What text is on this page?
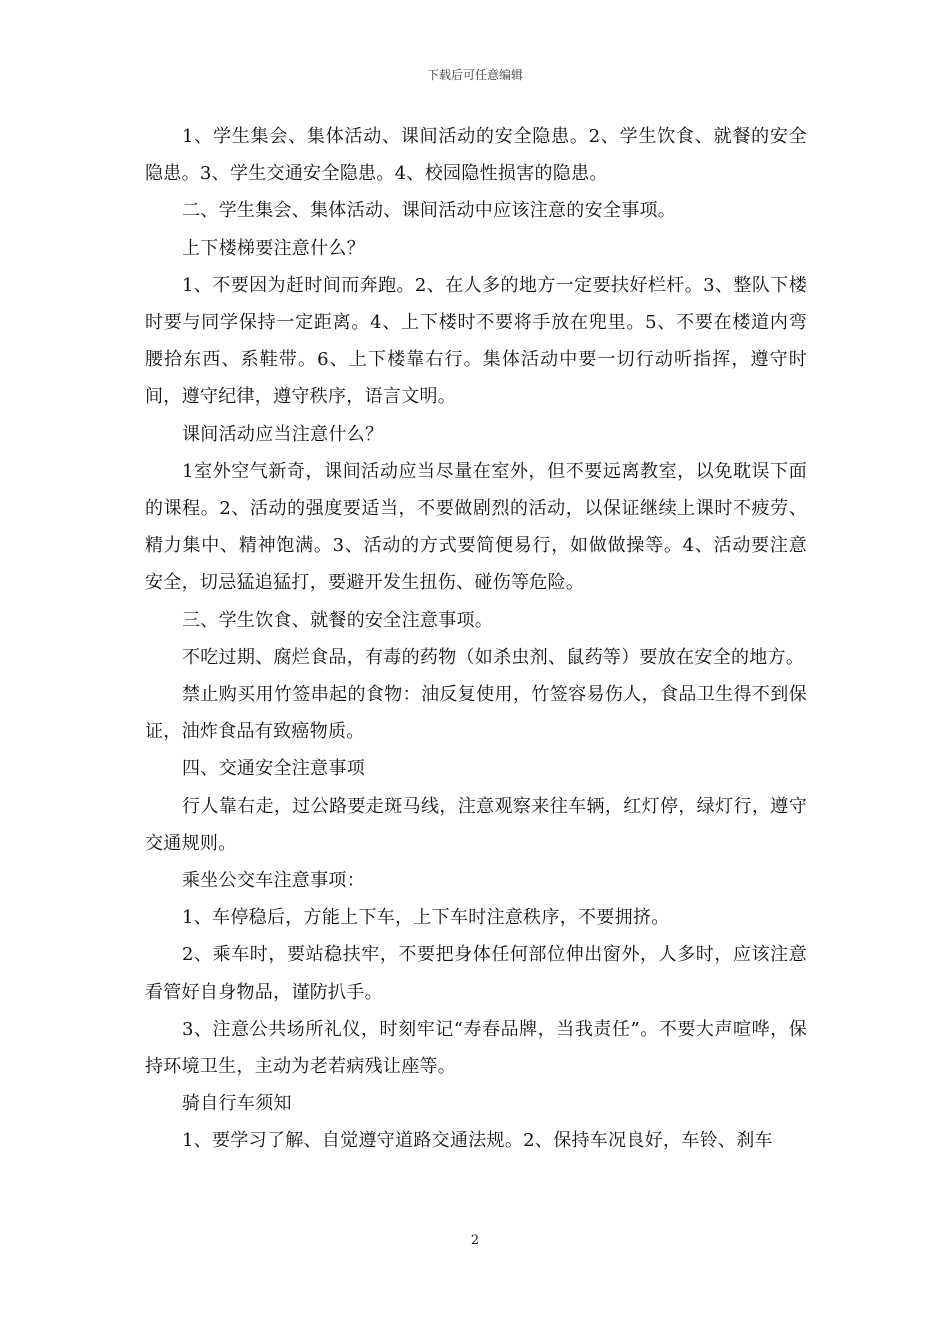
下载后可任意编辑

1、学生集会、集体活动、课间活动的安全隐患。2、学生饮食、就餐的安全隐患。3、学生交通安全隐患。4、校园隐性损害的隐患。

二、学生集会、集体活动、课间活动中应该注意的安全事项。

上下楼梯要注意什么？

1、不要因为赶时间而奔跑。2、在人多的地方一定要扶好栏杆。3、整队下楼时要与同学保持一定距离。4、上下楼时不要将手放在兜里。5、不要在楼道内弯腰拾东西、系鞋带。6、上下楼靠右行。集体活动中要一切行动听指挥，遵守时间，遵守纪律，遵守秩序，语言文明。

课间活动应当注意什么？

1室外空气新奇，课间活动应当尽量在室外，但不要远离教室，以免耽误下面的课程。2、活动的强度要适当，不要做剧烈的活动，以保证继续上课时不疲劳、精力集中、精神饱满。3、活动的方式要简便易行，如做做操等。4、活动要注意安全，切忌猛追猛打，要避开发生扭伤、碰伤等危险。

三、学生饮食、就餐的安全注意事项。

不吃过期、腐烂食品，有毒的药物（如杀虫剂、鼠药等）要放在安全的地方。

禁止购买用竹签串起的食物：油反复使用，竹签容易伤人，食品卫生得不到保证，油炸食品有致癌物质。

四、交通安全注意事项

行人靠右走，过公路要走斑马线，注意观察来往车辆，红灯停，绿灯行，遵守交通规则。

乘坐公交车注意事项：

1、车停稳后，方能上下车，上下车时注意秩序，不要拥挤。

2、乘车时，要站稳扶牢，不要把身体任何部位伸出窗外，人多时，应该注意看管好自身物品，谨防扒手。

3、注意公共场所礼仪，时刻牢记“寿春品牌，当我责任”。不要大声喧哗，保持环境卫生，主动为老若病残让座等。

骑自行车须知

1、要学习了解、自觉遵守道路交通法规。2、保持车况良好，车铃、刹车

2
